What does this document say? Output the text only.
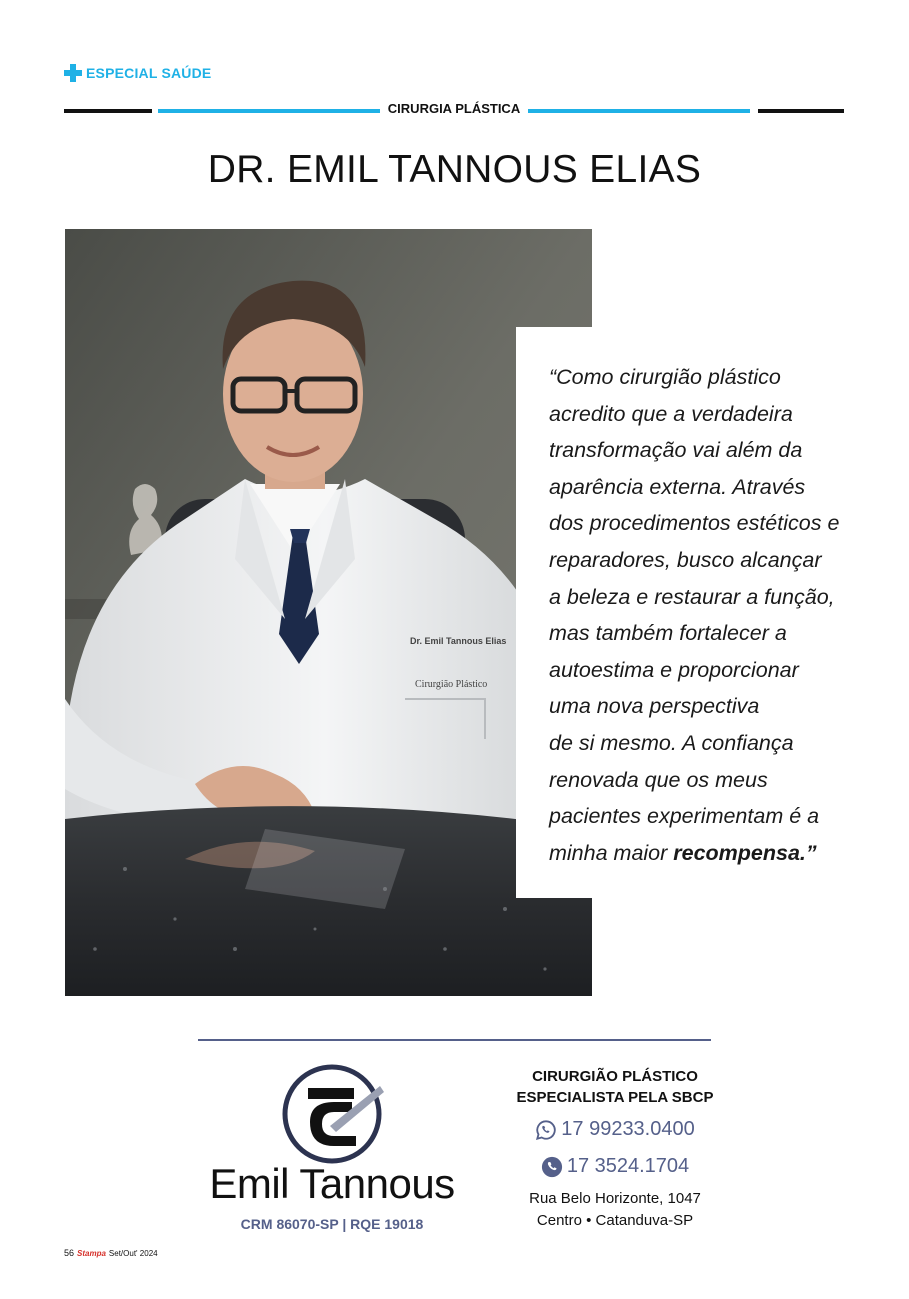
ESPECIAL SAÚDE
CIRURGIA PLÁSTICA
DR. EMIL TANNOUS ELIAS
Dr. Emil Tannous Elias
Cirurgião Plástico
“Como cirurgião plástico
acredito que a verdadeira
transformação vai além da
aparência externa. Através
dos procedimentos estéticos e
reparadores, busco alcançar
a beleza e restaurar a função,
mas também fortalecer a
autoestima e proporcionar
uma nova perspectiva
de si mesmo. A confiança
renovada que os meus
pacientes experimentam é a
minha maior recompensa.”
Emil Tannous
CRM 86070-SP | RQE 19018
CIRURGIÃO PLÁSTICO
ESPECIALISTA PELA SBCP
17 99233.0400
17 3524.1704
Rua Belo Horizonte, 1047
Centro • Catanduva-SP
56 Stampa Set/Out' 2024
